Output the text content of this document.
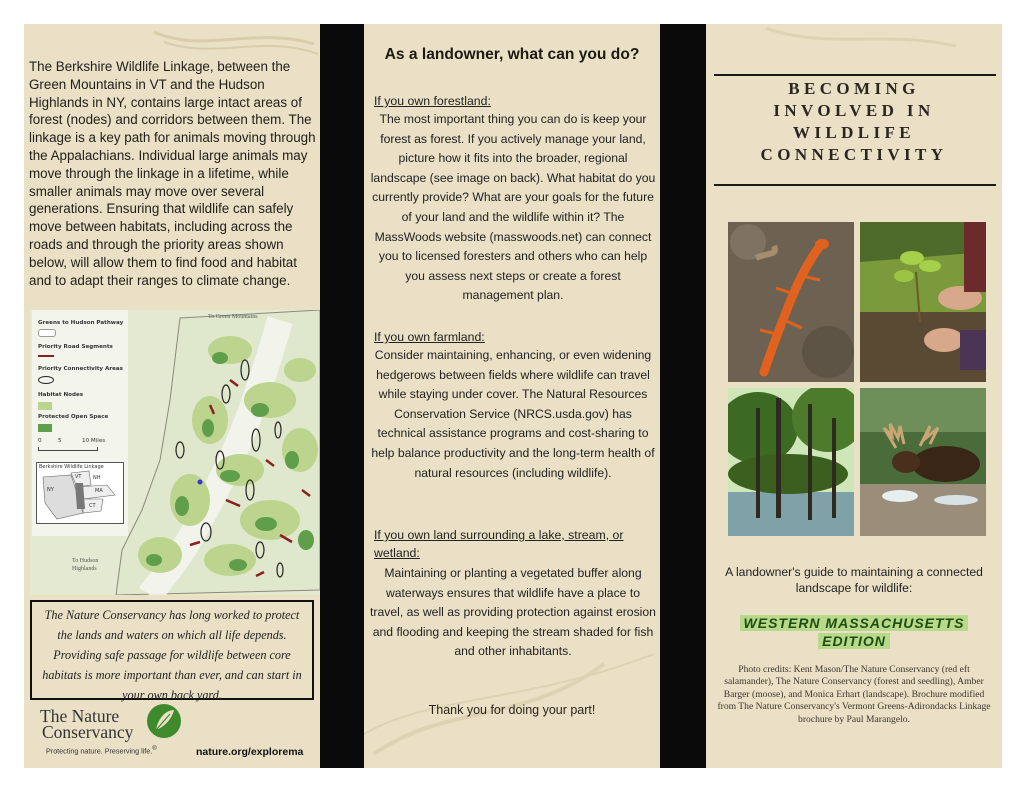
The Berkshire Wildlife Linkage, between the Green Mountains in VT and the Hudson Highlands in NY, contains large intact areas of forest (nodes) and corridors between them. The linkage is a key path for animals moving through the Appalachians. Individual large animals may move through the linkage in a lifetime, while smaller animals may move over several generations. Ensuring that wildlife can safely move between habitats, including across the roads and through the priority areas shown below, will allow them to find food and habitat and to adapt their ranges to climate change.

Greens to Hudson Pathway
Priority Road Segments
Priority Connectivity Areas
Habitat Nodes
Protected Open Space
0	5	10 Miles
Berkshire Wildlife Linkage
NY
VT NH
MA
CT
To Green Mountains
To Hudson
Highlands
The Nature Conservancy has long worked to protect the lands and waters on which all life depends. Providing safe passage for wildlife between core habitats is more important than ever, and can start in your own back yard.
The Nature
Conservancy
Protecting nature. Preserving life.®	nature.org/explorema
As a landowner, what can you do?

If you own forestland:

The most important thing you can do is keep your forest as forest. If you actively manage your land, picture how it fits into the broader, regional landscape (see image on back). What habitat do you currently provide? What are your goals for the future of your land and the wildlife within it? The MassWoods website (masswoods.net) can connect you to licensed foresters and others who can help you assess next steps or create a forest management plan.

If you own farmland:

Consider maintaining, enhancing, or even widening hedgerows between fields where wildlife can travel while staying under cover. The Natural Resources Conservation Service (NRCS.usda.gov) has technical assistance programs and cost-sharing to help balance productivity and the long-term health of natural resources (including wildlife).

If you own land surrounding a lake, stream, or

wetland:

Maintaining or planting a vegetated buffer along waterways ensures that wildlife have a place to travel, as well as providing protection against erosion and flooding and keeping the stream shaded for fish and other inhabitants.

Thank you for doing your part!
BECOMING
INVOLVED IN
WILDLIFE
CONNECTIVITY

A landowner's guide to maintaining a connected landscape for wildlife:

WESTERN MASSACHUSETTS
EDITION

Photo credits: Kent Mason/The Nature Conservancy (red eft salamander), The Nature Conservancy (forest and seedling), Amber Barger (moose), and Monica Erhart (landscape). Brochure modified from The Nature Conservancy's Vermont Greens-Adirondacks Linkage brochure by Paul Marangelo.
